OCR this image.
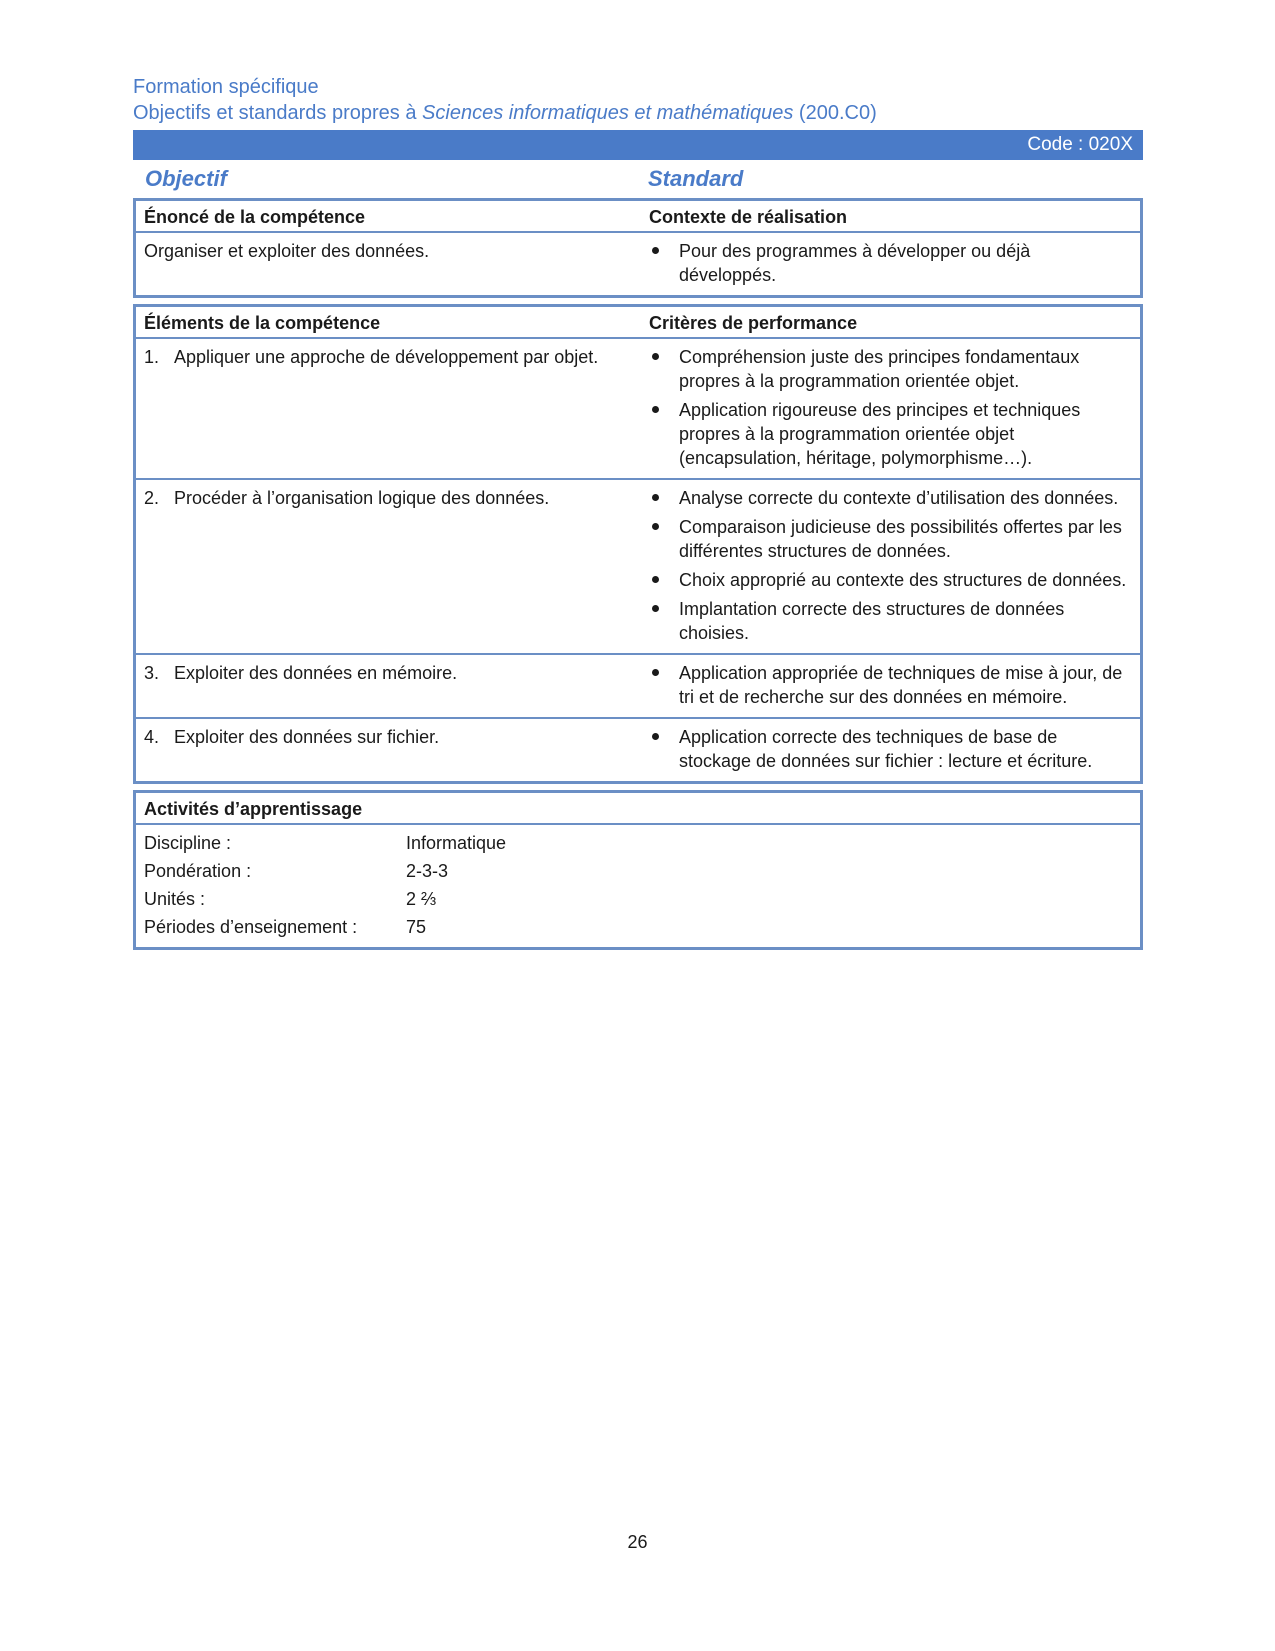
Formation spécifique
Objectifs et standards propres à Sciences informatiques et mathématiques (200.C0)
Code : 020X
Objectif	Standard
Énoncé de la compétence	Contexte de réalisation
Organiser et exploiter des données.	Pour des programmes à développer ou déjà développés.
Éléments de la compétence	Critères de performance
1. Appliquer une approche de développement par objet.	Compréhension juste des principes fondamentaux propres à la programmation orientée objet.
Application rigoureuse des principes et techniques propres à la programmation orientée objet (encapsulation, héritage, polymorphisme…).
2. Procéder à l’organisation logique des données.	Analyse correcte du contexte d’utilisation des données.
Comparaison judicieuse des possibilités offertes par les différentes structures de données.
Choix approprié au contexte des structures de données.
Implantation correcte des structures de données choisies.
3. Exploiter des données en mémoire.	Application appropriée de techniques de mise à jour, de tri et de recherche sur des données en mémoire.
4. Exploiter des données sur fichier.	Application correcte des techniques de base de stockage de données sur fichier : lecture et écriture.
Activités d’apprentissage
Discipline :	Informatique
Pondération :	2-3-3
Unités :	2 ⅔
Périodes d’enseignement :	75
26
